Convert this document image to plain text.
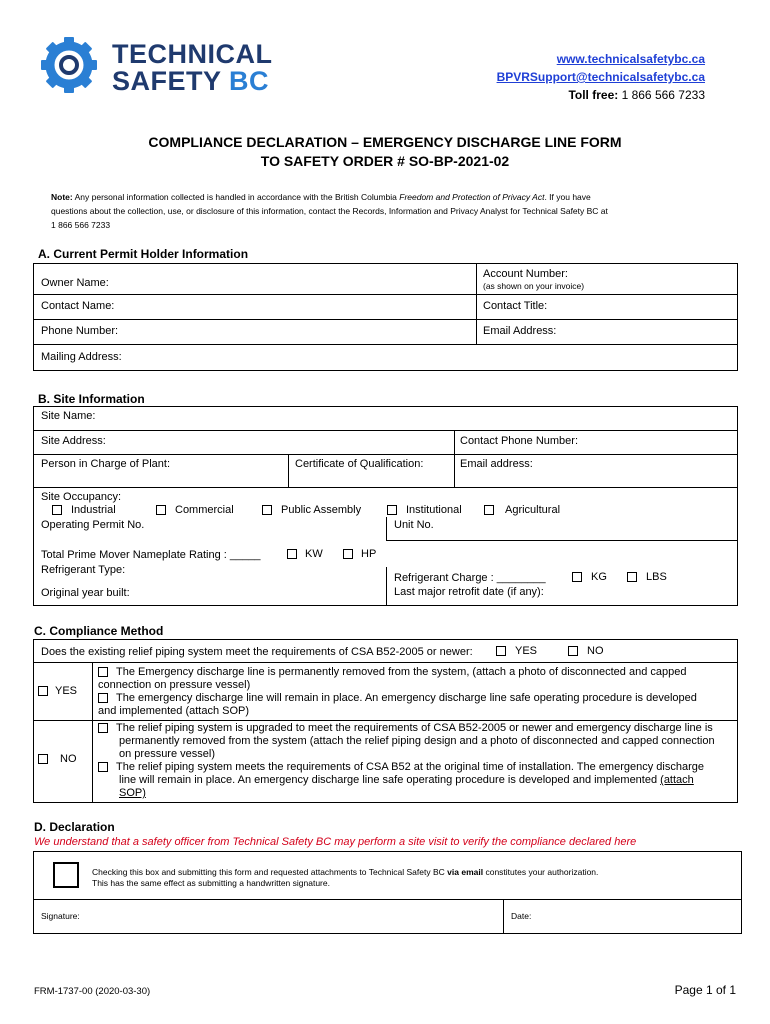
TECHNICAL
SAFETY BC
www.technicalsafetybc.ca
BPVRSupport@technicalsafetybc.ca
Toll free: 1 866 566 7233
COMPLIANCE DECLARATION – EMERGENCY DISCHARGE LINE FORM
TO SAFETY ORDER # SO-BP-2021-02
Note: Any personal information collected is handled in accordance with the British Columbia Freedom and Protection of Privacy Act. If you have
questions about the collection, use, or disclosure of this information, contact the Records, Information and Privacy Analyst for Technical Safety BC at
1 866 566 7233
A. Current Permit Holder Information
Owner Name:
Account Number:
(as shown on your invoice)
Contact Name:	Contact Title:
Phone Number:	Email Address:
Mailing Address:
B. Site Information
Site Name:
Site Address:	Contact Phone Number:
Person in Charge of Plant:	Certificate of Qualification:	Email address:
Site Occupancy:
Industrial	Commercial	Public Assembly	Institutional	Agricultural
Operating Permit No.	Unit No.
Total Prime Mover Nameplate Rating : _____	KW	HP
Refrigerant Type:
Refrigerant Charge : ________	KG	LBS
Original year built:	Last major retrofit date (if any):
C. Compliance Method
Does the existing relief piping system meet the requirements of CSA B52-2005 or newer:	YES	NO
YES
The Emergency discharge line is permanently removed from the system, (attach a photo of disconnected and capped
connection on pressure vessel)
The emergency discharge line will remain in place. An emergency discharge line safe operating procedure is developed
and implemented (attach SOP)
NO
The relief piping system is upgraded to meet the requirements of CSA B52-2005 or newer and emergency discharge line is
permanently removed from the system (attach the relief piping design and a photo of disconnected and capped connection
on pressure vessel)
The relief piping system meets the requirements of CSA B52 at the original time of installation. The emergency discharge
line will remain in place. An emergency discharge line safe operating procedure is developed and implemented (attach
SOP)
D. Declaration
We understand that a safety officer from Technical Safety BC may perform a site visit to verify the compliance declared here
Checking this box and submitting this form and requested attachments to Technical Safety BC via email constitutes your authorization.
This has the same effect as submitting a handwritten signature.
Signature:	Date:
FRM-1737-00 (2020-03-30)	Page 1 of 1
